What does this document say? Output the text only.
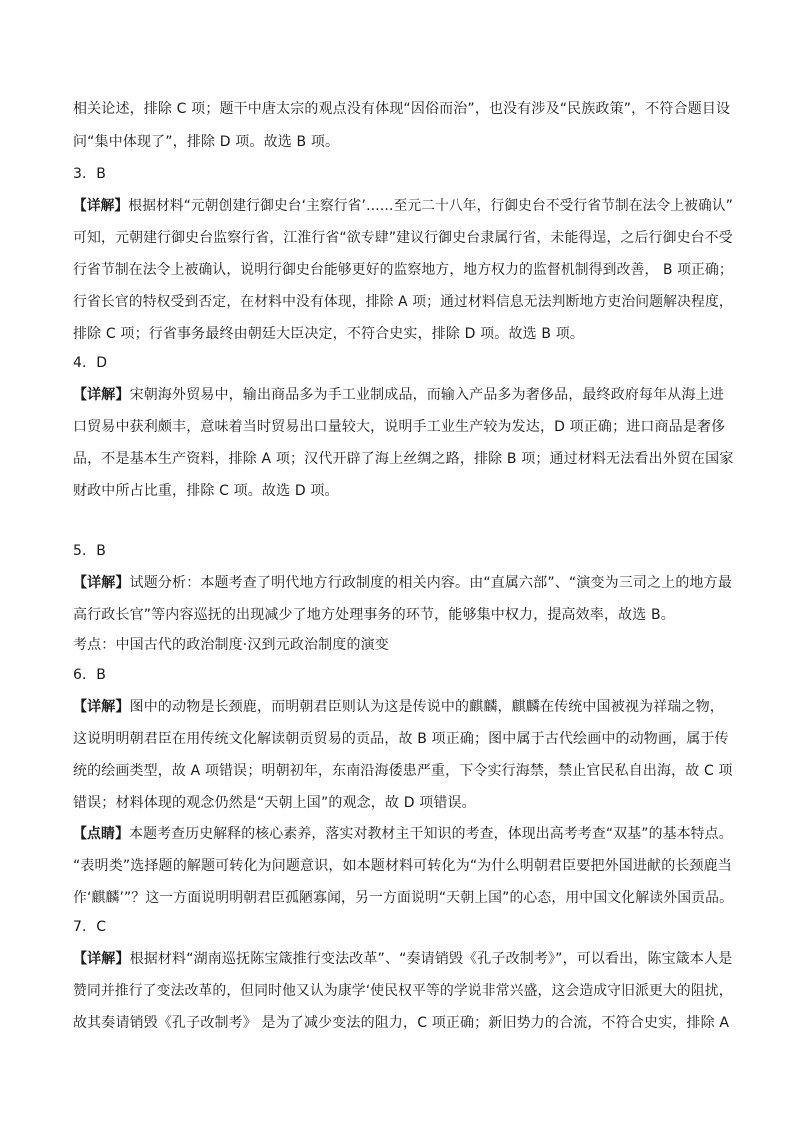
相关论述，排除 C 项；题干中唐太宗的观点没有体现“因俗而治”，也没有涉及“民族政策”，不符合题目设
问“集中体现了”，排除 D 项。故选 B 项。
3．B
【详解】根据材料“元朝创建行御史台‘主察行省’……至元二十八年，行御史台不受行省节制在法令上被确认”
可知，元朝建行御史台监察行省，江淮行省“欲专肆”建议行御史台隶属行省，未能得逞，之后行御史台不受
行省节制在法令上被确认，说明行御史台能够更好的监察地方，地方权力的监督机制得到改善， B 项正确；
行省长官的特权受到否定，在材料中没有体现，排除 A 项；通过材料信息无法判断地方吏治问题解决程度，
排除 C 项；行省事务最终由朝廷大臣决定，不符合史实，排除 D 项。故选 B 项。
4．D
【详解】宋朝海外贸易中，输出商品多为手工业制成品，而输入产品多为奢侈品，最终政府每年从海上进
口贸易中获利颇丰，意味着当时贸易出口量较大，说明手工业生产较为发达，D 项正确；进口商品是奢侈
品，不是基本生产资料，排除 A 项；汉代开辟了海上丝绸之路，排除 B 项；通过材料无法看出外贸在国家
财政中所占比重，排除 C 项。故选 D 项。
5．B
【详解】试题分析：本题考查了明代地方行政制度的相关内容。由“直属六部”、“演变为三司之上的地方最
高行政长官”等内容巡抚的出现减少了地方处理事务的环节，能够集中权力，提高效率，故选 B。
考点：中国古代的政治制度·汉到元政治制度的演变
6．B
【详解】图中的动物是长颈鹿，而明朝君臣则认为这是传说中的麒麟，麒麟在传统中国被视为祥瑞之物，
这说明明朝君臣在用传统文化解读朝贡贸易的贡品，故 B 项正确；图中属于古代绘画中的动物画，属于传
统的绘画类型，故 A 项错误；明朝初年，东南沿海倭患严重，下令实行海禁，禁止官民私自出海，故 C 项
错误；材料体现的观念仍然是“天朝上国”的观念，故 D 项错误。
【点睛】本题考查历史解释的核心素养，落实对教材主干知识的考查，体现出高考考查“双基”的基本特点。
“表明类”选择题的解题可转化为问题意识，如本题材料可转化为“为什么明朝君臣要把外国进献的长颈鹿当
作‘麒麟’”？这一方面说明明朝君臣孤陋寡闻，另一方面说明“天朝上国”的心态，用中国文化解读外国贡品。
7．C
【详解】根据材料“湖南巡抚陈宝箴推行变法改革”、“奏请销毁《孔子改制考》”，可以看出，陈宝箴本人是
赞同并推行了变法改革的，但同时他又认为康学‘使民权平等的学说非常兴盛，这会造成守旧派更大的阻扰，
故其奏请销毁《孔子改制考》 是为了减少变法的阻力，C 项正确；新旧势力的合流，不符合史实，排除 A
